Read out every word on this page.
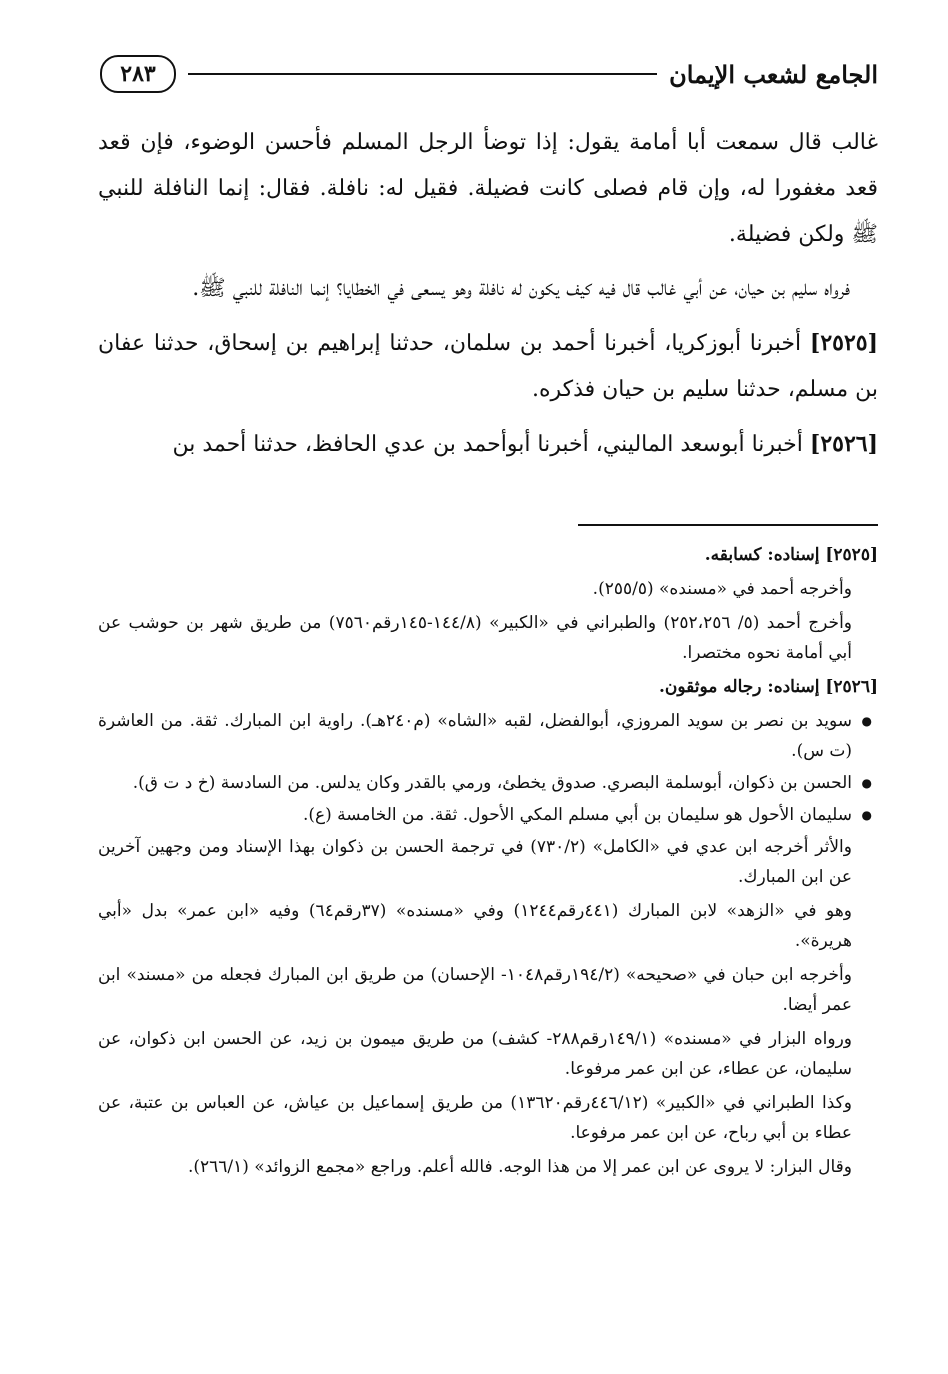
الجامع لشعب الإيمان
٢٨٣

غالب قال سمعت أبا أمامة يقول: إذا توضأ الرجل المسلم فأحسن الوضوء، فإن قعد قعد مغفورا له، وإن قام فصلى كانت فضيلة. فقيل له: نافلة. فقال: إنما النافلة للنبي ﷺ ولكن فضيلة.

فرواه سليم بن حيان، عن أبي غالب قال فيه كيف يكون له نافلة وهو يسعى في الخطايا؟ إنما النافلة للنبي ﷺ.

[٢٥٢٥] أخبرنا أبوزكريا، أخبرنا أحمد بن سلمان، حدثنا إبراهيم بن إسحاق، حدثنا عفان بن مسلم، حدثنا سليم بن حيان فذكره.

[٢٥٢٦] أخبرنا أبوسعد الماليني، أخبرنا أبوأحمد بن عدي الحافظ، حدثنا أحمد بن

[٢٥٢٥] إسناده: كسابقه.

وأخرجه أحمد في «مسنده» (٢٥٥/٥).

وأخرج أحمد (٥/ ٢٥٢،٢٥٦) والطبراني في «الكبير» (١٤٤/٨-١٤٥رقم٧٥٦٠) من طريق شهر بن حوشب عن أبي أمامة نحوه مختصرا.

[٢٥٢٦] إسناده: رجاله موثقون.

● سويد بن نصر بن سويد المروزي، أبوالفضل، لقبه «الشاه» (م٢٤٠هـ). راوية ابن المبارك. ثقة. من العاشرة (ت س).
● الحسن بن ذكوان، أبوسلمة البصري. صدوق يخطئ، ورمي بالقدر وكان يدلس. من السادسة (خ د ت ق).
● سليمان الأحول هو سليمان بن أبي مسلم المكي الأحول. ثقة. من الخامسة (ع).

والأثر أخرجه ابن عدي في «الكامل» (٧٣٠/٢) في ترجمة الحسن بن ذكوان بهذا الإسناد ومن وجهين آخرين عن ابن المبارك.

وهو في «الزهد» لابن المبارك (٤٤١رقم١٢٤٤) وفي «مسنده» (٣٧رقم٦٤) وفيه «ابن عمر» بدل «أبي هريرة».

وأخرجه ابن حبان في «صحيحه» (١٩٤/٢رقم١٠٤٨- الإحسان) من طريق ابن المبارك فجعله من «مسند» ابن عمر أيضا.

ورواه البزار في «مسنده» (١٤٩/١رقم٢٨٨- كشف) من طريق ميمون بن زيد، عن الحسن ابن ذكوان، عن سليمان، عن عطاء، عن ابن عمر مرفوعا.

وكذا الطبراني في «الكبير» (٤٤٦/١٢رقم١٣٦٢٠) من طريق إسماعيل بن عياش، عن العباس بن عتبة، عن عطاء بن أبي رباح، عن ابن عمر مرفوعا.

وقال البزار: لا يروى عن ابن عمر إلا من هذا الوجه. فالله أعلم. وراجع «مجمع الزوائد» (٢٦٦/١).
